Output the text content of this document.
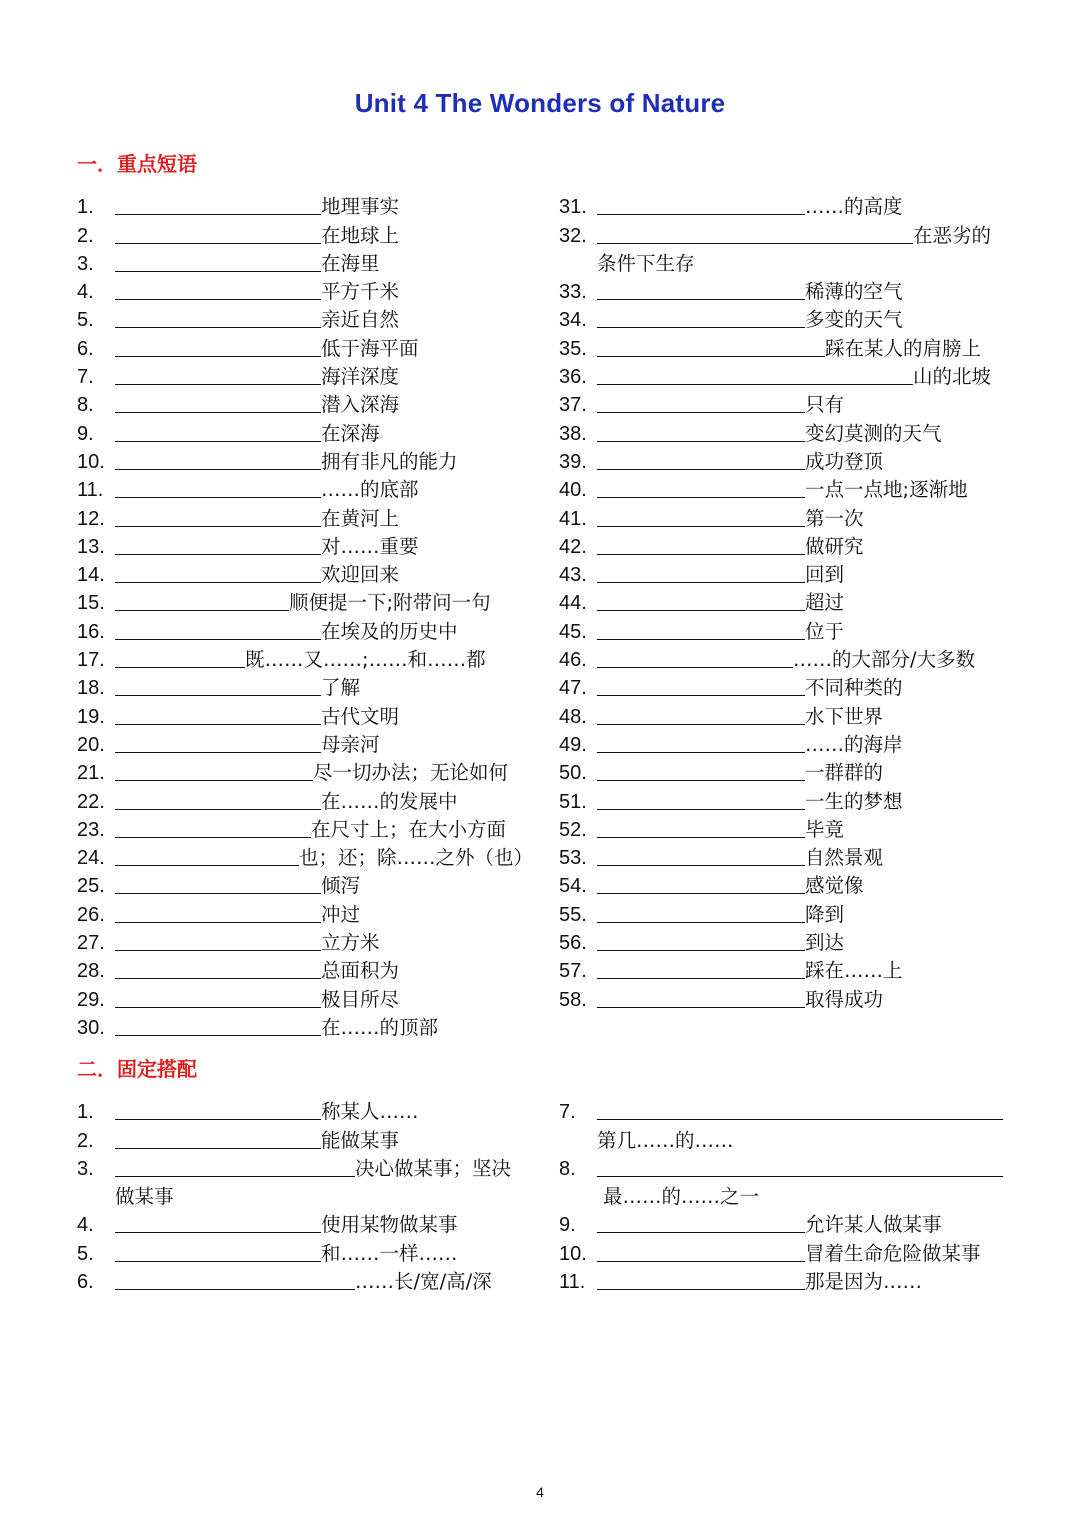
Unit 4 The Wonders of Nature
一．重点短语
1.	地理事实
2.	在地球上
3.	在海里
4.	平方千米
5.	亲近自然
6.	低于海平面
7.	海洋深度
8.	潜入深海
9.	在深海
10.	拥有非凡的能力
11.	……的底部
12.	在黄河上
13.	对……重要
14.	欢迎回来
15.	顺便提一下;附带问一句
16.	在埃及的历史中
17.	既……又……;……和……都
18.	了解
19.	古代文明
20.	母亲河
21.	尽一切办法；无论如何
22.	在……的发展中
23.	在尺寸上；在大小方面
24.	也；还；除……之外（也）
25.	倾泻
26.	冲过
27.	立方米
28.	总面积为
29.	极目所尽
30.	在……的顶部
31.	……的高度
32.	在恶劣的
条件下生存
33.	稀薄的空气
34.	多变的天气
35.	踩在某人的肩膀上
36.	山的北坡
37.	只有
38.	变幻莫测的天气
39.	成功登顶
40.	一点一点地;逐渐地
41.	第一次
42.	做研究
43.	回到
44.	超过
45.	位于
46.	……的大部分/大多数
47.	不同种类的
48.	水下世界
49.	……的海岸
50.	一群群的
51.	一生的梦想
52.	毕竟
53.	自然景观
54.	感觉像
55.	降到
56.	到达
57.	踩在……上
58.	取得成功
二．固定搭配
1.	称某人……
2.	能做某事
3.	决心做某事；坚决
做某事
4.	使用某物做某事
5.	和……一样……
6.	……长/宽/高/深
7.
第几……的……
8.
最……的……之一
9.	允许某人做某事
10.	冒着生命危险做某事
11.	那是因为……
4
